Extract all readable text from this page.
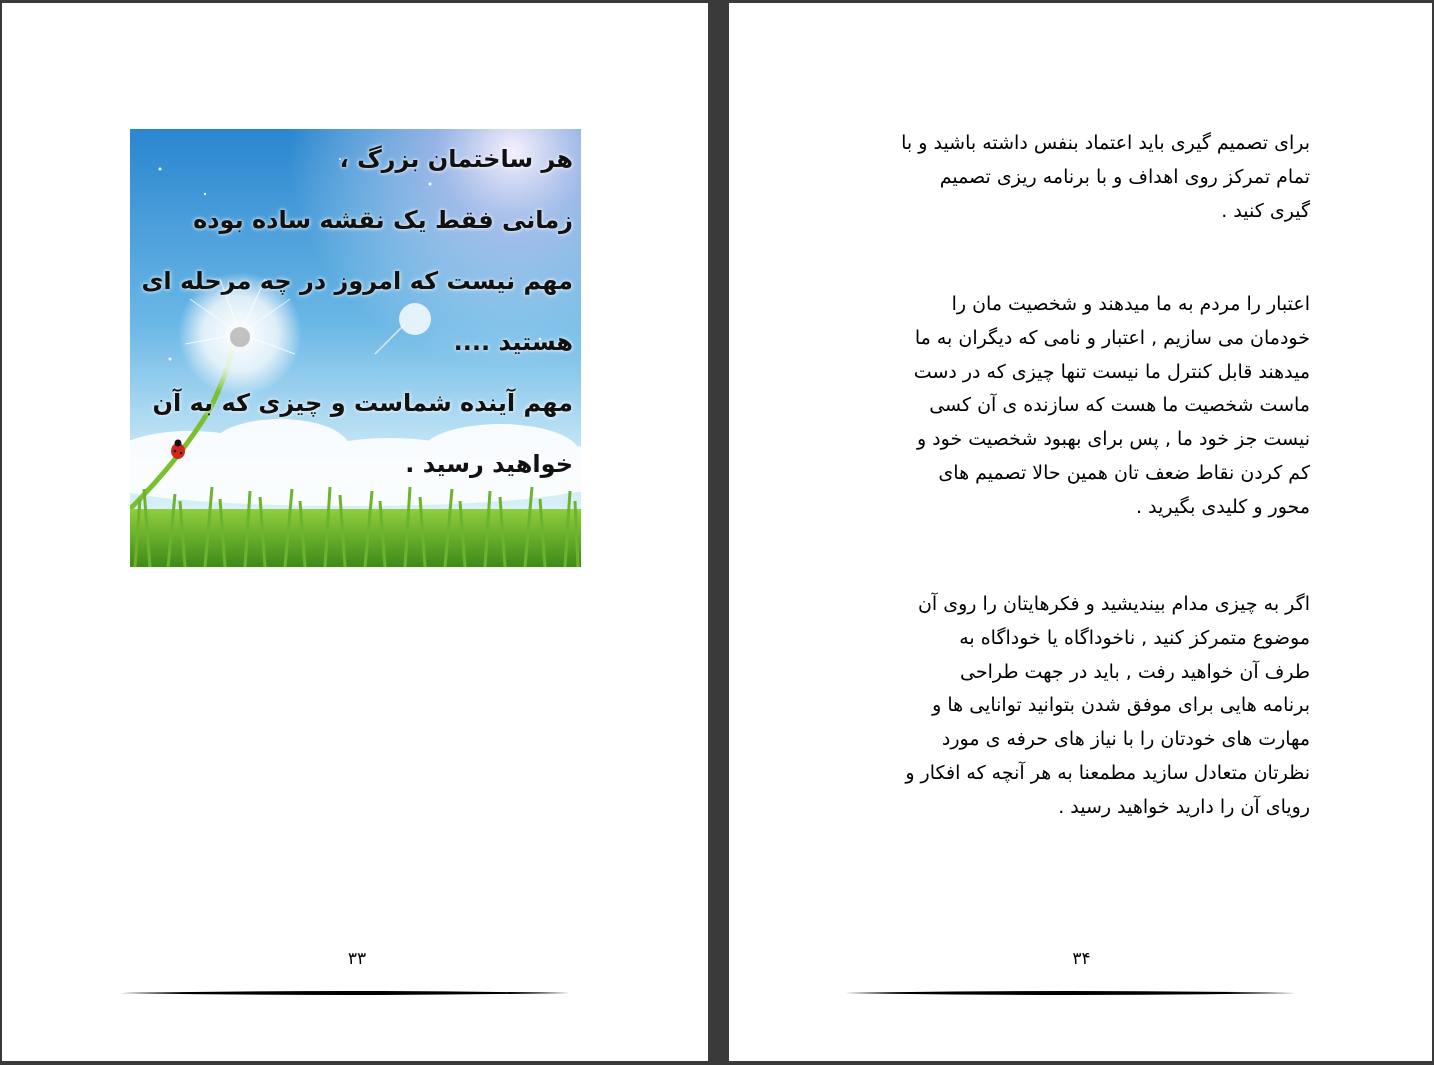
هر ساختمان بزرگ ،
زمانی فقط یک نقشه ساده بوده
مهم نیست که امروز در چه مرحله ای
هستید ....
مهم آینده شماست و چیزی که به آن
خواهید رسید .
۳۳
برای تصمیم گیری باید اعتماد بنفس داشته باشید و با
تمام تمرکز روی اهداف و با برنامه ریزی تصمیم
گیری کنید .
اعتبار را مردم به ما میدهند و شخصیت مان را
خودمان می سازیم , اعتبار و نامی که دیگران به ما
میدهند قابل کنترل ما نیست تنها چیزی که در دست
ماست شخصیت ما هست که سازنده ی آن کسی
نیست جز خود ما , پس برای بهبود شخصیت خود و
کم کردن نقاط ضعف تان همین حالا تصمیم های
محور و کلیدی بگیرید .
اگر به چیزی مدام بیندیشید و فکرهایتان را روی آن
موضوع متمرکز کنید , ناخوداگاه یا خوداگاه به
طرف آن خواهید رفت , باید در جهت طراحی
برنامه هایی برای موفق شدن بتوانید توانایی ها و
مهارت های خودتان را با نیاز های حرفه ی مورد
نظرتان متعادل سازید مطمعنا به هر آنچه که افکار و
رویای آن را دارید خواهید رسید .
۳۴
